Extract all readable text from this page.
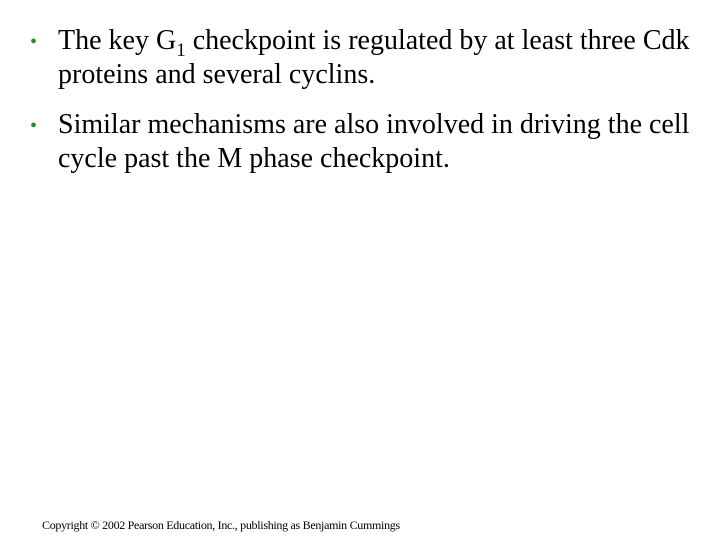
• The key $G_1$ checkpoint is regulated by at least three Cdk proteins and several cyclins.
• Similar mechanisms are also involved in driving the cell cycle past the M phase checkpoint.
Copyright © 2002 Pearson Education, Inc., publishing as Benjamin Cummings
